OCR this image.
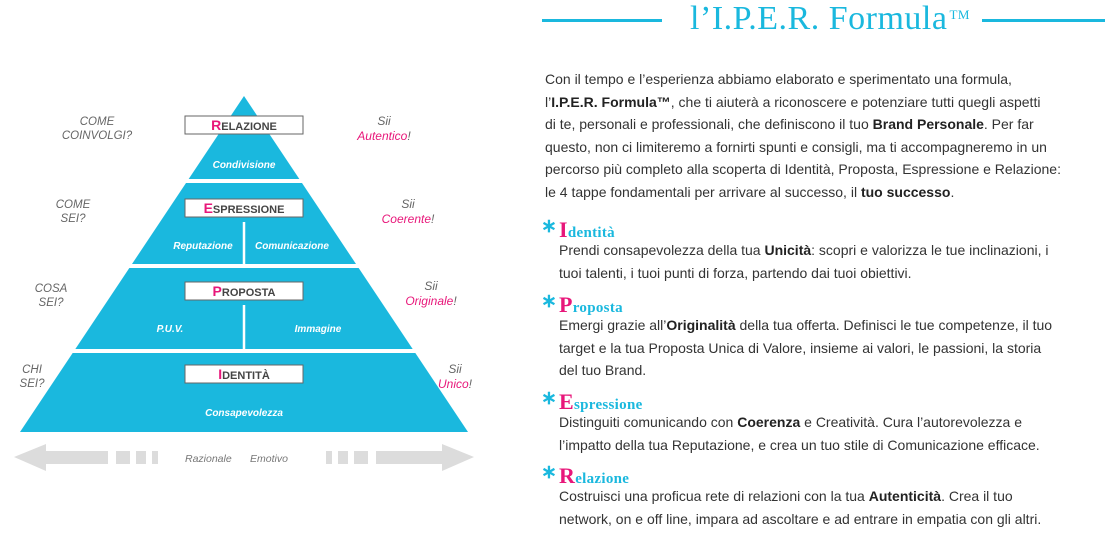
RELAZIONE
ESPRESSIONE
PROPOSTA
IDENTITÀ
Condivisione
Reputazione Comunicazione
P.U.V.	Immagine
Consapevolezza
COME
COINVOLGI?
COME
SEI?
COSA
SEI?
CHI
SEI?
Sii
Autentico!
Sii
Coerente!
Sii
Originale!
Sii
Unico!
Razionale Emotivo
l’I.P.E.R. Formula ™
Con il tempo e l’esperienza abbiamo elaborato e sperimentato una formula,
l’I.P.E.R. Formula™, che ti aiuterà a riconoscere e potenziare tutti quegli aspetti
di te, personali e professionali, che definiscono il tuo Brand Personale. Per far
questo, non ci limiteremo a fornirti spunti e consigli, ma ti accompagneremo in un
percorso più completo alla scoperta di Identità, Proposta, Espressione e Relazione:
le 4 tappe fondamentali per arrivare al successo, il tuo successo.
∗ Identità
Prendi consapevolezza della tua Unicità: scopri e valorizza le tue inclinazioni, i
tuoi talenti, i tuoi punti di forza, partendo dai tuoi obiettivi.
∗ Proposta
Emergi grazie all’Originalità della tua offerta. Definisci le tue competenze, il tuo
target e la tua Proposta Unica di Valore, insieme ai valori, le passioni, la storia
del tuo Brand.
∗ Espressione
Distinguiti comunicando con Coerenza e Creatività. Cura l’autorevolezza e
l’impatto della tua Reputazione, e crea un tuo stile di Comunicazione efficace.
∗ Relazione
Costruisci una proficua rete di relazioni con la tua Autenticità. Crea il tuo
network, on e off line, impara ad ascoltare e ad entrare in empatia con gli altri.
